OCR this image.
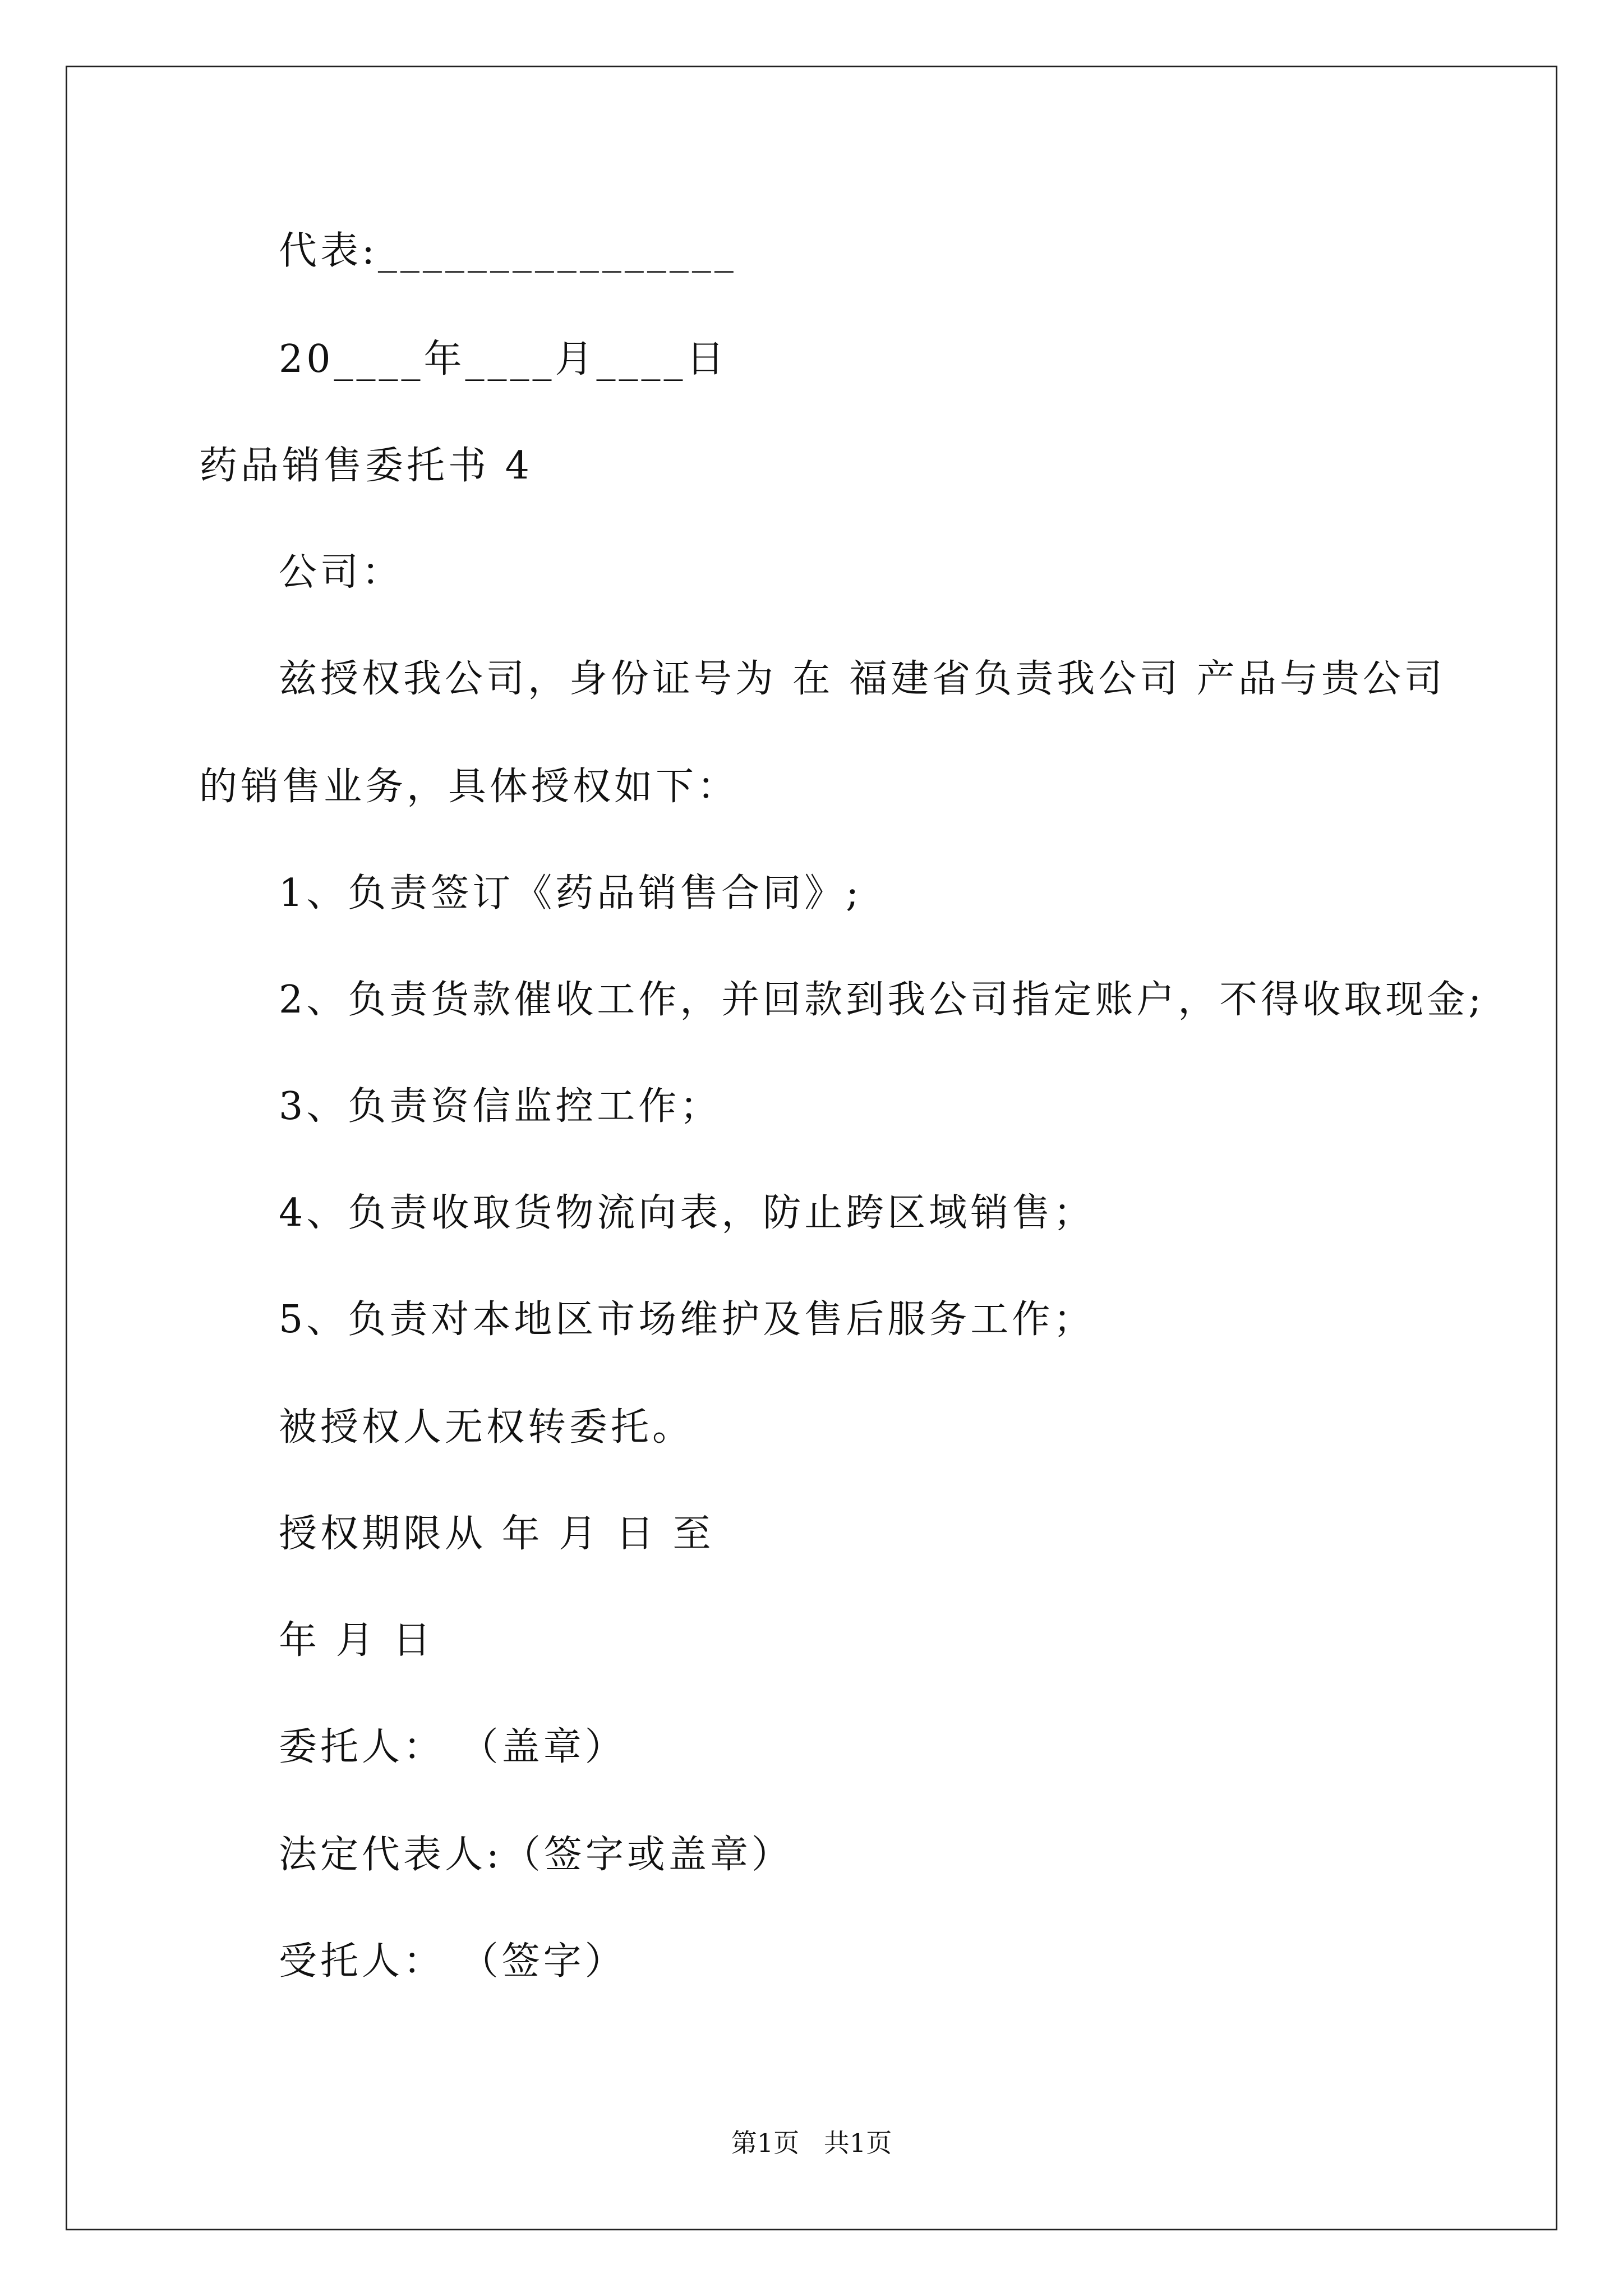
代表:________________
20____年____月____日
药品销售委托书 4
公司：
兹授权我公司，身份证号为 在 福建省负责我公司 产品与贵公司
的销售业务，具体授权如下：
1、负责签订《药品销售合同》;
2、负责货款催收工作，并回款到我公司指定账户，不得收取现金;
3、负责资信监控工作；
4、负责收取货物流向表，防止跨区域销售；
5、负责对本地区市场维护及售后服务工作；
被授权人无权转委托。
授权期限从 年 月 日 至
年 月 日
委托人： （盖章）
法定代表人:（签字或盖章）
受托人： （签字）
第1页   共1页
